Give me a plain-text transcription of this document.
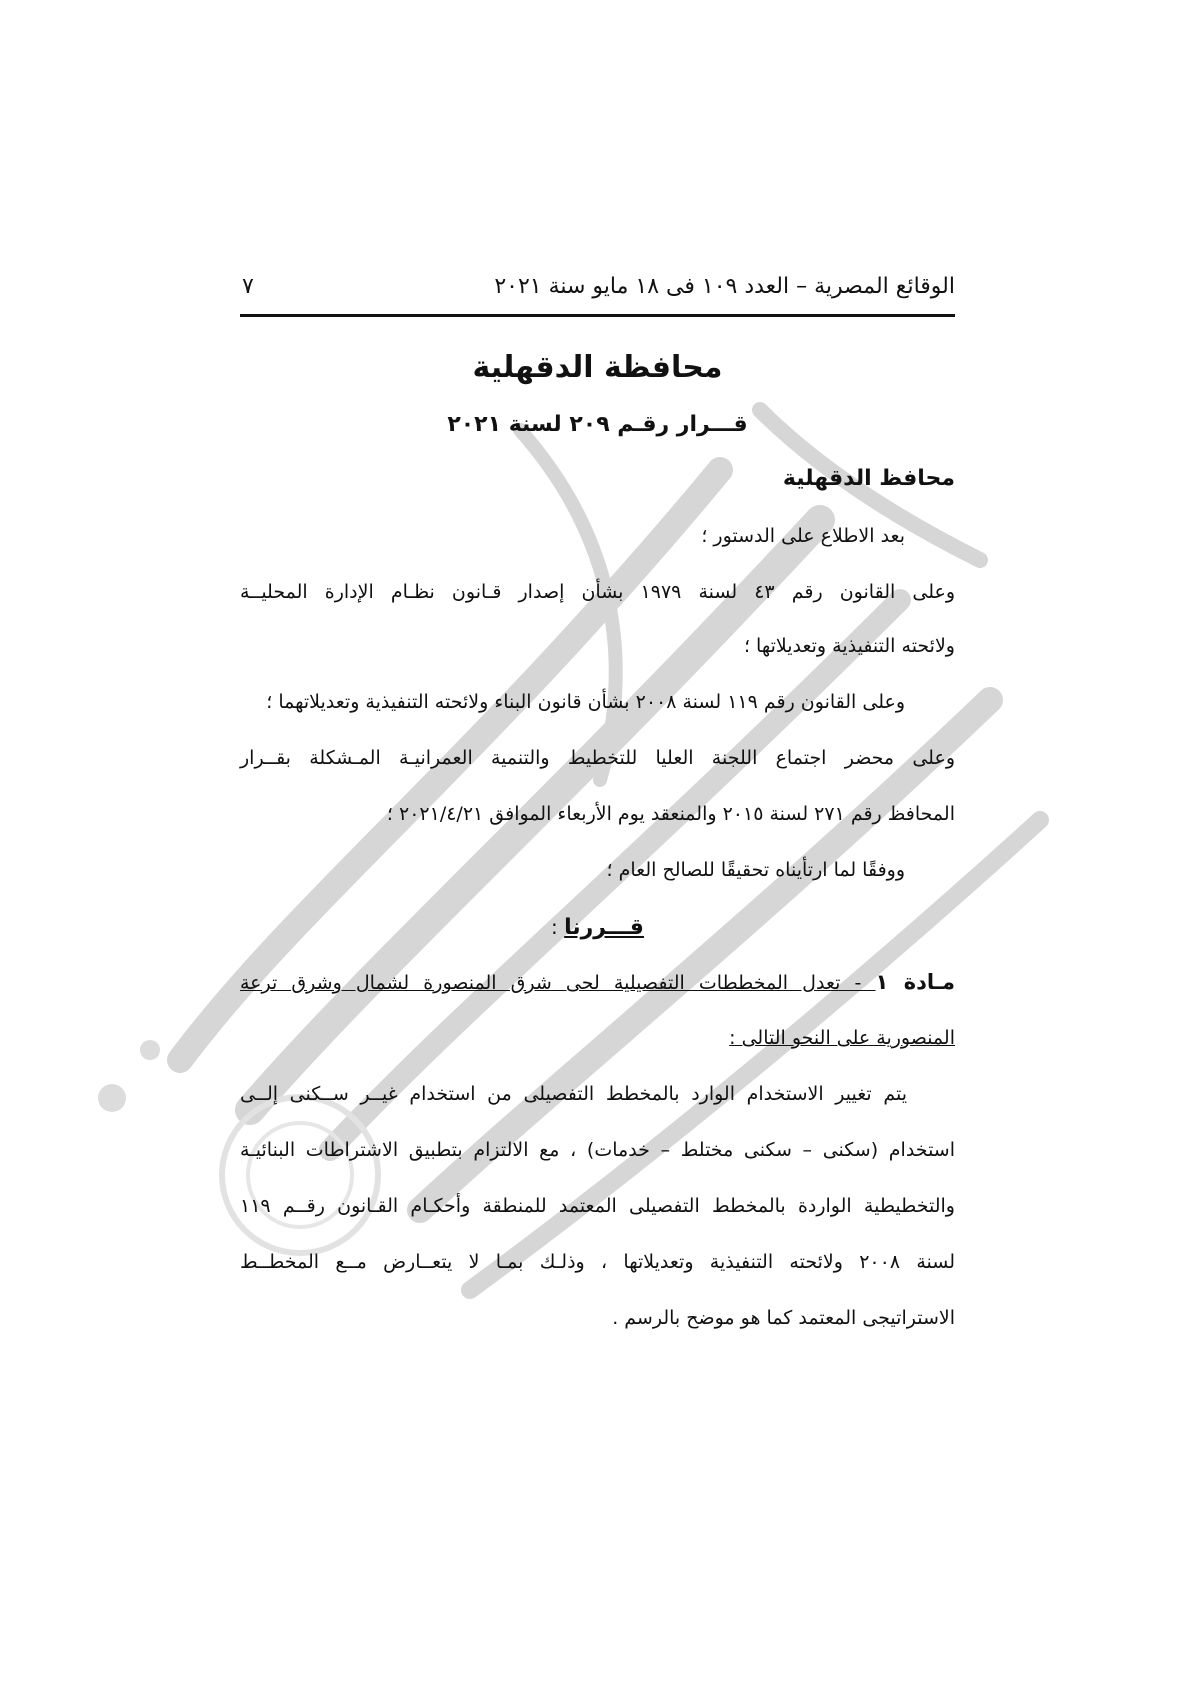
الوقائع المصرية – العدد ١٠٩ فى ١٨ مايو سنة ٢٠٢١
٧
محافظة الدقهلية
قـــرار رقـم ٢٠٩ لسنة ٢٠٢١
محافظ الدقهلية
بعد الاطلاع على الدستور ؛
وعلى القانون رقم ٤٣ لسنة ١٩٧٩ بشأن إصدار قـانون نظـام الإدارة المحليــة
ولائحته التنفيذية وتعديلاتها ؛
وعلى القانون رقم ١١٩ لسنة ٢٠٠٨ بشأن قانون البناء ولائحته التنفيذية وتعديلاتهما ؛
وعلى محضر اجتماع اللجنة العليا للتخطيط والتنمية العمرانيـة المـشكلة بقــرار
المحافظ رقم ٢٧١ لسنة ٢٠١٥ والمنعقد يوم الأربعاء الموافق ٢٠٢١/٤/٢١ ؛
ووفقًا لما ارتأيناه تحقيقًا للصالح العام ؛
قـــررنا :
مـادة ١ - تعدل المخططات التفصيلية لحى شرق المنصورة لشمال وشرق ترعة
المنصورية على النحو التالى :
يتم تغيير الاستخدام الوارد بالمخطط التفصيلى من استخدام غيــر ســكنى إلــى
استخدام (سكنى – سكنى مختلط – خدمات) ، مع الالتزام بتطبيق الاشتراطات البنائيـة
والتخطيطية الواردة بالمخطط التفصيلى المعتمد للمنطقة وأحكـام القـانون رقــم ١١٩
لسنة ٢٠٠٨ ولائحته التنفيذية وتعديلاتها ، وذلـك بمـا لا يتعــارض مــع المخطــط
الاستراتيجى المعتمد كما هو موضح بالرسم .
